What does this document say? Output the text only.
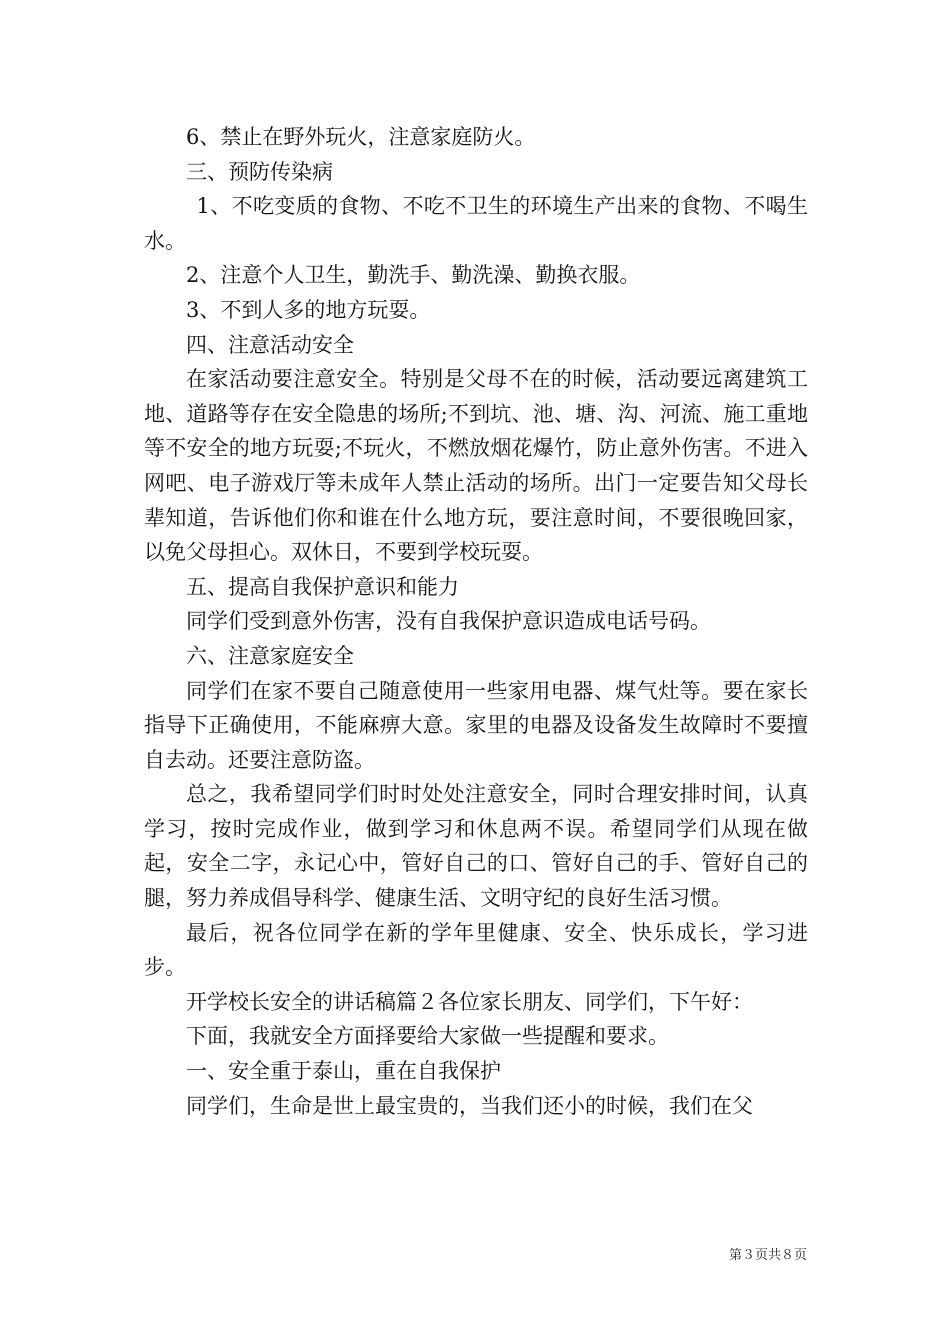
6、禁止在野外玩火，注意家庭防火。

三、预防传染病

1、不吃变质的食物、不吃不卫生的环境生产出来的食物、不喝生水。

2、注意个人卫生，勤洗手、勤洗澡、勤换衣服。

3、不到人多的地方玩耍。

四、注意活动安全

在家活动要注意安全。特别是父母不在的时候，活动要远离建筑工地、道路等存在安全隐患的场所;不到坑、池、塘、沟、河流、施工重地等不安全的地方玩耍;不玩火，不燃放烟花爆竹，防止意外伤害。不进入网吧、电子游戏厅等未成年人禁止活动的场所。出门一定要告知父母长辈知道，告诉他们你和谁在什么地方玩，要注意时间，不要很晚回家，以免父母担心。双休日，不要到学校玩耍。

五、提高自我保护意识和能力

同学们受到意外伤害，没有自我保护意识造成电话号码。

六、注意家庭安全

同学们在家不要自己随意使用一些家用电器、煤气灶等。要在家长指导下正确使用，不能麻痹大意。家里的电器及设备发生故障时不要擅自去动。还要注意防盗。

总之，我希望同学们时时处处注意安全，同时合理安排时间，认真学习，按时完成作业，做到学习和休息两不误。希望同学们从现在做起，安全二字，永记心中，管好自己的口、管好自己的手、管好自己的腿，努力养成倡导科学、健康生活、文明守纪的良好生活习惯。

最后，祝各位同学在新的学年里健康、安全、快乐成长，学习进步。

开学校长安全的讲话稿篇２各位家长朋友、同学们，下午好：

下面，我就安全方面择要给大家做一些提醒和要求。

一、安全重于泰山，重在自我保护

同学们，生命是世上最宝贵的，当我们还小的时候，我们在父

第３页共８页
